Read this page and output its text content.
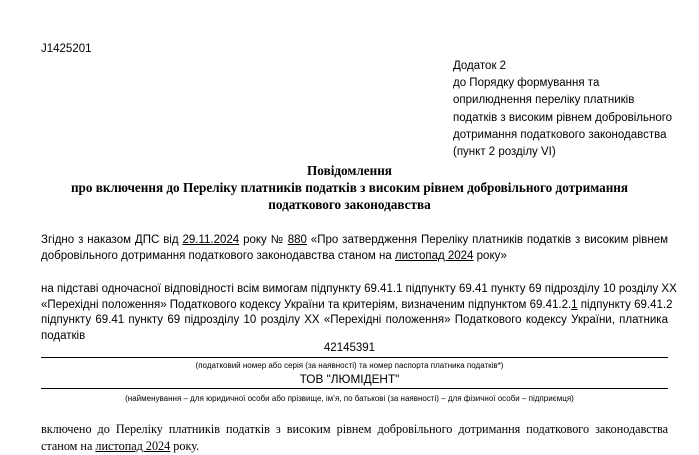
J1425201
Додаток 2
до Порядку формування та
оприлюднення переліку платників
податків з високим рівнем добровільного
дотримання податкового законодавства
(пункт 2 розділу VI)
Повідомлення
про включення до Переліку платників податків з високим рівнем добровільного дотримання
податкового законодавства
Згідно з наказом ДПС від 29.11.2024 року № 880 «Про затвердження Переліку платників податків з високим рівнем
добровільного дотримання податкового законодавства станом на листопад 2024 року»
на підставі одночасної відповідності всім вимогам підпункту 69.41.1 підпункту 69.41 пункту 69 підрозділу 10 розділу XX
«Перехідні положення» Податкового кодексу України та критеріям, визначеним підпунктом 69.41.2.1 підпункту 69.41.2
підпункту 69.41 пункту 69 підрозділу 10 розділу XX «Перехідні положення» Податкового кодексу України, платника
податків
42145391
(податковий номер або серія (за наявності) та номер паспорта платника податків*)
ТОВ "ЛЮМІДЕНТ"
(найменування – для юридичної особи або прізвище, ім’я, по батькові (за наявності) – для фізичної особи – підприємця)
включено до Переліку платників податків з високим рівнем добровільного дотримання податкового законодавства
станом на листопад 2024 року.
